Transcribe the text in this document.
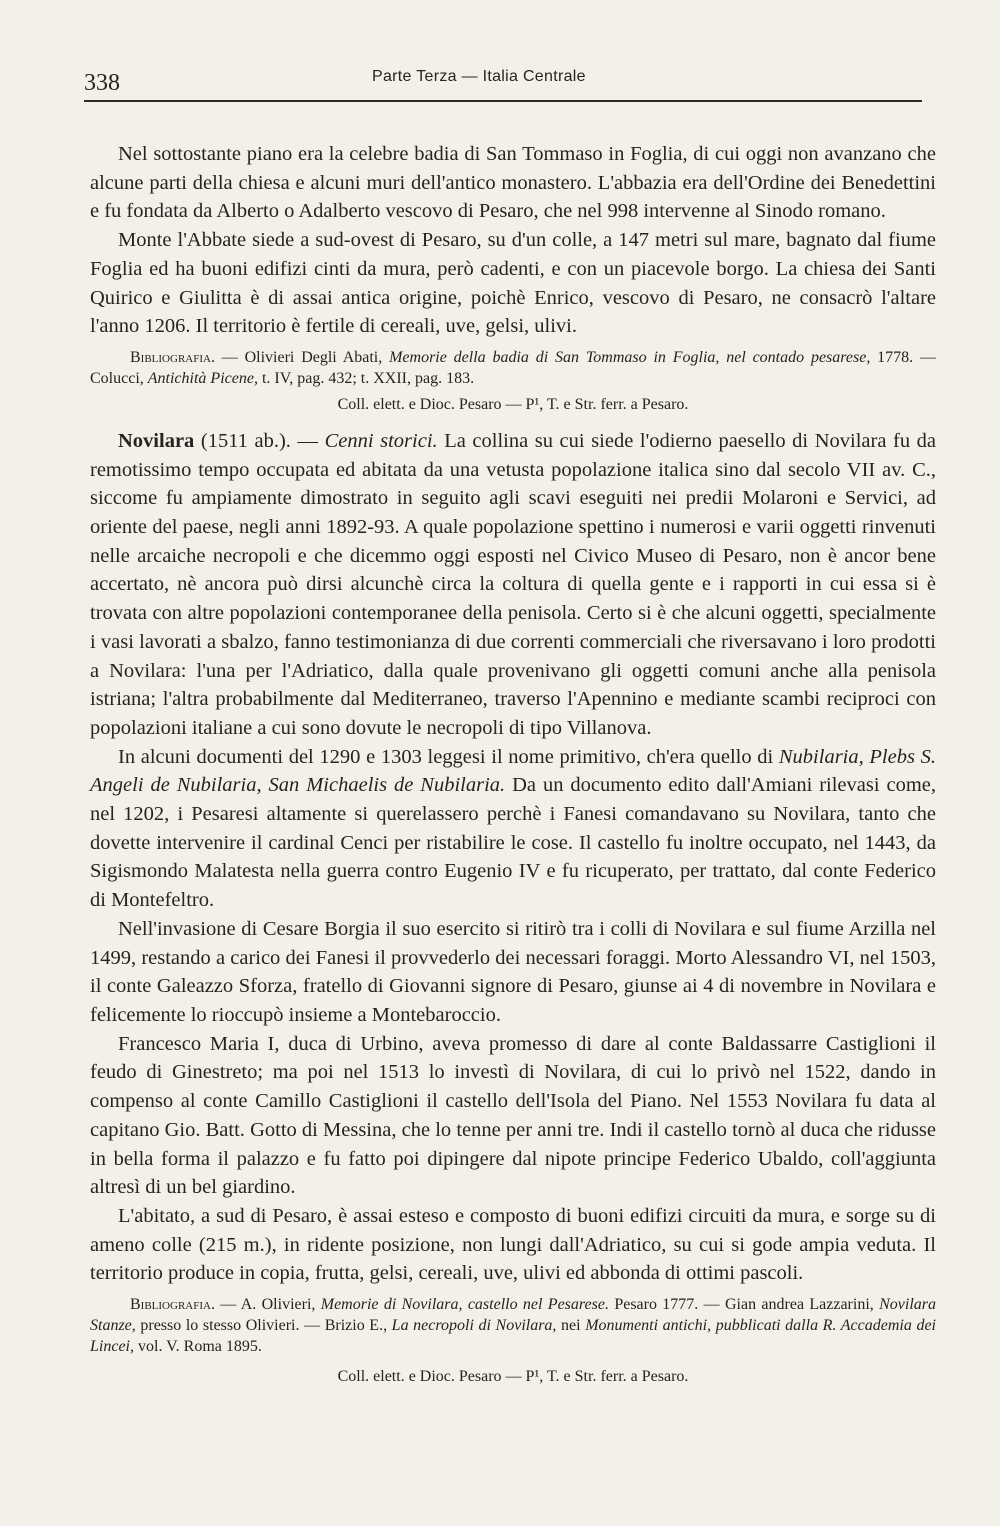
338	Parte Terza — Italia Centrale

Nel sottostante piano era la celebre badia di San Tommaso in Foglia, di cui oggi non avanzano che alcune parti della chiesa e alcuni muri dell'antico monastero. L'abbazia era dell'Ordine dei Benedettini e fu fondata da Alberto o Adalberto vescovo di Pesaro, che nel 998 intervenne al Sinodo romano.

Monte l'Abbate siede a sud-ovest di Pesaro, su d'un colle, a 147 metri sul mare, bagnato dal fiume Foglia ed ha buoni edifizi cinti da mura, però cadenti, e con un piacevole borgo. La chiesa dei Santi Quirico e Giulitta è di assai antica origine, poichè Enrico, vescovo di Pesaro, ne consacrò l'altare l'anno 1206. Il territorio è fertile di cereali, uve, gelsi, ulivi.

Bibliografia. — Olivieri Degli Abati, Memorie della badia di San Tommaso in Foglia, nel contado pesarese, 1778. — Colucci, Antichità Picene, t. IV, pag. 432; t. XXII, pag. 183.

Coll. elett. e Dioc. Pesaro — P¹, T. e Str. ferr. a Pesaro.

Novilara (1511 ab.). — Cenni storici. La collina su cui siede l'odierno paesello di Novilara fu da remotissimo tempo occupata ed abitata da una vetusta popolazione italica sino dal secolo VII av. C., siccome fu ampiamente dimostrato in seguito agli scavi eseguiti nei predii Molaroni e Servici, ad oriente del paese, negli anni 1892-93. A quale popolazione spettino i numerosi e varii oggetti rinvenuti nelle arcaiche necropoli e che dicemmo oggi esposti nel Civico Museo di Pesaro, non è ancor bene accertato, nè ancora può dirsi alcunchè circa la coltura di quella gente e i rapporti in cui essa si è trovata con altre popolazioni contemporanee della penisola. Certo si è che alcuni oggetti, specialmente i vasi lavorati a sbalzo, fanno testimonianza di due correnti commerciali che riversavano i loro prodotti a Novilara: l'una per l'Adriatico, dalla quale provenivano gli oggetti comuni anche alla penisola istriana; l'altra probabilmente dal Mediterraneo, traverso l'Apennino e mediante scambi reciproci con popolazioni italiane a cui sono dovute le necropoli di tipo Villanova.

In alcuni documenti del 1290 e 1303 leggesi il nome primitivo, ch'era quello di Nubilaria, Plebs S. Angeli de Nubilaria, San Michaelis de Nubilaria. Da un documento edito dall'Amiani rilevasi come, nel 1202, i Pesaresi altamente si querelassero perchè i Fanesi comandavano su Novilara, tanto che dovette intervenire il cardinal Cenci per ristabilire le cose. Il castello fu inoltre occupato, nel 1443, da Sigismondo Malatesta nella guerra contro Eugenio IV e fu ricuperato, per trattato, dal conte Federico di Montefeltro.

Nell'invasione di Cesare Borgia il suo esercito si ritirò tra i colli di Novilara e sul fiume Arzilla nel 1499, restando a carico dei Fanesi il provvederlo dei necessari foraggi. Morto Alessandro VI, nel 1503, il conte Galeazzo Sforza, fratello di Giovanni signore di Pesaro, giunse ai 4 di novembre in Novilara e felicemente lo rioccupò insieme a Montebaroccio.

Francesco Maria I, duca di Urbino, aveva promesso di dare al conte Baldassarre Castiglioni il feudo di Ginestreto; ma poi nel 1513 lo investì di Novilara, di cui lo privò nel 1522, dando in compenso al conte Camillo Castiglioni il castello dell'Isola del Piano. Nel 1553 Novilara fu data al capitano Gio. Batt. Gotto di Messina, che lo tenne per anni tre. Indi il castello tornò al duca che ridusse in bella forma il palazzo e fu fatto poi dipingere dal nipote principe Federico Ubaldo, coll'aggiunta altresì di un bel giardino.

L'abitato, a sud di Pesaro, è assai esteso e composto di buoni edifizi circuiti da mura, e sorge su di ameno colle (215 m.), in ridente posizione, non lungi dall'Adriatico, su cui si gode ampia veduta. Il territorio produce in copia, frutta, gelsi, cereali, uve, ulivi ed abbonda di ottimi pascoli.

Bibliografia. — A. Olivieri, Memorie di Novilara, castello nel Pesarese. Pesaro 1777. — Gian andrea Lazzarini, Novilara Stanze, presso lo stesso Olivieri. — Brizio E., La necropoli di Novilara, nei Monumenti antichi, pubblicati dalla R. Accademia dei Lincei, vol. V. Roma 1895.

Coll. elett. e Dioc. Pesaro — P¹, T. e Str. ferr. a Pesaro.
